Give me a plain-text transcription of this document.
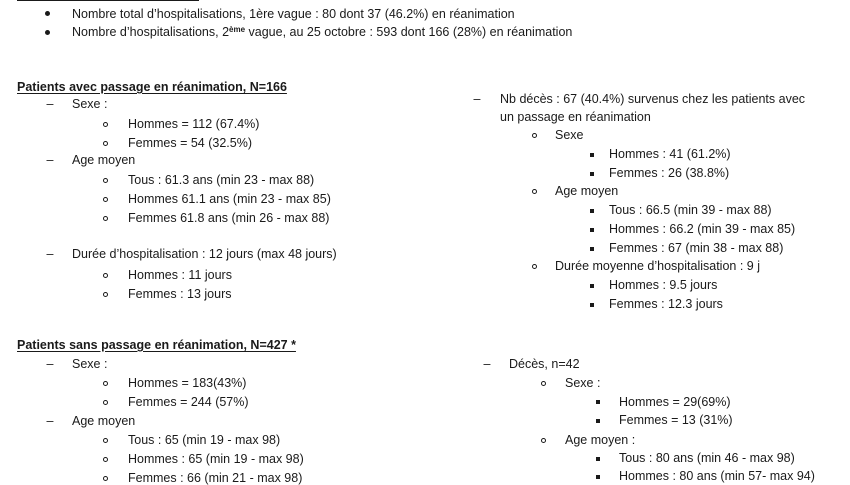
Nombre total d’hospitalisations, 1ère vague : 80 dont 37 (46.2%) en réanimation
Nombre d’hospitalisations, 2ème vague, au 25 octobre : 593 dont 166 (28%) en réanimation
Patients avec passage en réanimation, N=166
– Sexe :
Hommes = 112 (67.4%)
Femmes = 54 (32.5%)
– Age moyen
Tous : 61.3 ans (min 23 - max 88)
Hommes 61.1 ans (min 23 - max 85)
Femmes 61.8 ans (min 26 - max 88)
– Durée d’hospitalisation : 12 jours (max 48 jours)
Hommes : 11 jours
Femmes : 13 jours
– Nb décès : 67 (40.4%) survenus chez les patients avec
un passage en réanimation
Sexe
Hommes : 41 (61.2%)
Femmes : 26 (38.8%)
Age moyen
Tous : 66.5 (min 39 - max 88)
Hommes : 66.2 (min 39 - max 85)
Femmes : 67 (min 38 - max 88)
Durée moyenne d’hospitalisation : 9 j
Hommes : 9.5 jours
Femmes : 12.3 jours
Patients sans passage en réanimation, N=427 *
– Sexe :
Hommes = 183(43%)
Femmes = 244 (57%)
– Age moyen
Tous : 65 (min 19 - max 98)
Hommes : 65 (min 19 - max 98)
Femmes : 66 (min 21 - max 98)
– Décès, n=42
Sexe :
Hommes = 29(69%)
Femmes = 13 (31%)
Age moyen :
Tous : 80 ans (min 46 - max 98)
Hommes : 80 ans (min 57- max 94)
